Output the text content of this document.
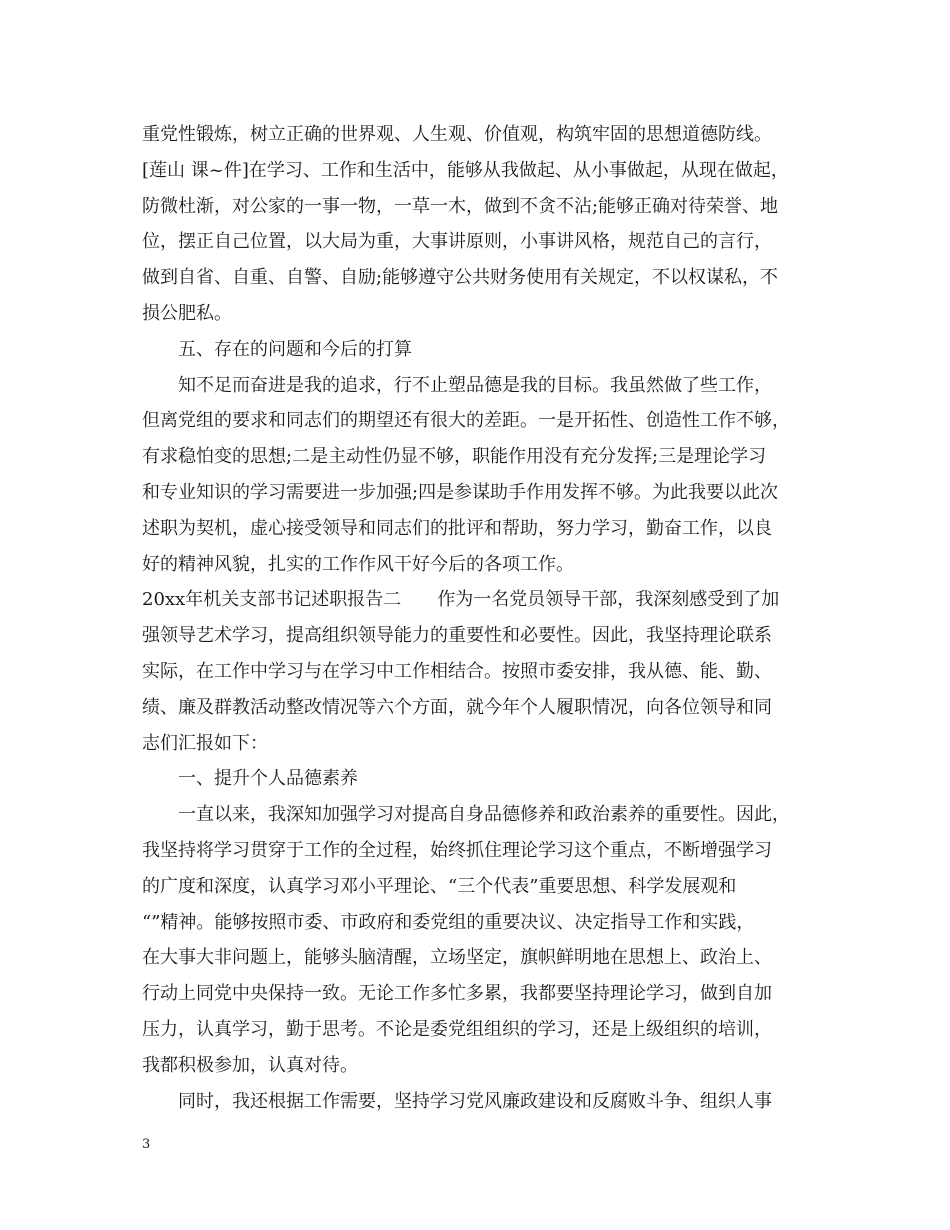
重党性锻炼，树立正确的世界观、人生观、价值观，构筑牢固的思想道德防线。
[莲山 课~件]在学习、工作和生活中，能够从我做起、从小事做起，从现在做起，
防微杜渐，对公家的一事一物，一草一木，做到不贪不沾;能够正确对待荣誉、地
位，摆正自己位置，以大局为重，大事讲原则，小事讲风格，规范自己的言行，
做到自省、自重、自警、自励;能够遵守公共财务使用有关规定，不以权谋私，不
损公肥私。
五、存在的问题和今后的打算
知不足而奋进是我的追求，行不止塑品德是我的目标。我虽然做了些工作，
但离党组的要求和同志们的期望还有很大的差距。一是开拓性、创造性工作不够，
有求稳怕变的思想;二是主动性仍显不够，职能作用没有充分发挥;三是理论学习
和专业知识的学习需要进一步加强;四是参谋助手作用发挥不够。为此我要以此次
述职为契机，虚心接受领导和同志们的批评和帮助，努力学习，勤奋工作，以良
好的精神风貌，扎实的工作作风干好今后的各项工作。
20xx年机关支部书记述职报告二　　作为一名党员领导干部，我深刻感受到了加
强领导艺术学习，提高组织领导能力的重要性和必要性。因此，我坚持理论联系
实际，在工作中学习与在学习中工作相结合。按照市委安排，我从德、能、勤、
绩、廉及群教活动整改情况等六个方面，就今年个人履职情况，向各位领导和同
志们汇报如下：
一、提升个人品德素养
一直以来，我深知加强学习对提高自身品德修养和政治素养的重要性。因此，
我坚持将学习贯穿于工作的全过程，始终抓住理论学习这个重点，不断增强学习
的广度和深度，认真学习邓小平理论、“三个代表”重要思想、科学发展观和
“”精神。能够按照市委、市政府和委党组的重要决议、决定指导工作和实践，
在大事大非问题上，能够头脑清醒，立场坚定，旗帜鲜明地在思想上、政治上、
行动上同党中央保持一致。无论工作多忙多累，我都要坚持理论学习，做到自加
压力，认真学习，勤于思考。不论是委党组组织的学习，还是上级组织的培训，
我都积极参加，认真对待。
同时，我还根据工作需要，坚持学习党风廉政建设和反腐败斗争、组织人事
3
